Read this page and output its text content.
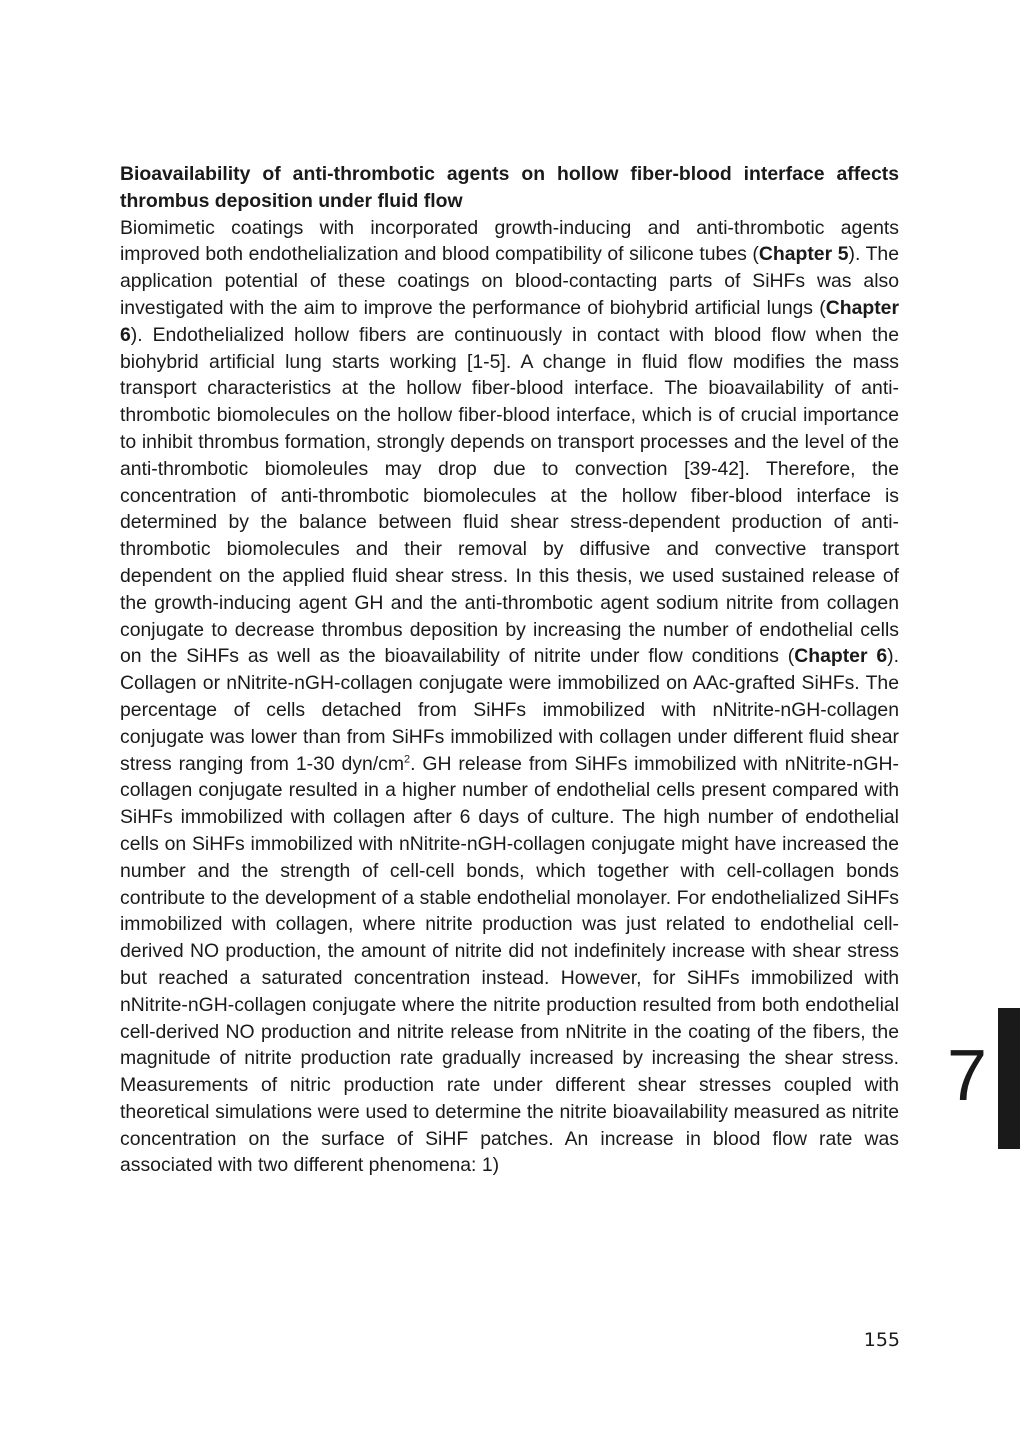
Bioavailability of anti-thrombotic agents on hollow fiber-blood interface affects thrombus deposition under fluid flow

Biomimetic coatings with incorporated growth-inducing and anti-thrombotic agents improved both endothelialization and blood compatibility of silicone tubes (Chapter 5). The application potential of these coatings on blood-contacting parts of SiHFs was also investigated with the aim to improve the performance of biohybrid artificial lungs (Chapter 6). Endothelialized hollow fibers are continuously in contact with blood flow when the biohybrid artificial lung starts working [1-5]. A change in fluid flow modifies the mass transport characteristics at the hollow fiber-blood interface. The bioavailability of anti-thrombotic biomolecules on the hollow fiber-blood interface, which is of crucial importance to inhibit thrombus formation, strongly depends on transport processes and the level of the anti-thrombotic biomoleules may drop due to convection [39-42]. Therefore, the concentration of anti-thrombotic biomolecules at the hollow fiber-blood interface is determined by the balance between fluid shear stress-dependent production of anti-thrombotic biomolecules and their removal by diffusive and convective transport dependent on the applied fluid shear stress. In this thesis, we used sustained release of the growth-inducing agent GH and the anti-thrombotic agent sodium nitrite from collagen conjugate to decrease thrombus deposition by increasing the number of endothelial cells on the SiHFs as well as the bioavailability of nitrite under flow conditions (Chapter 6). Collagen or nNitrite-nGH-collagen conjugate were immobilized on AAc-grafted SiHFs. The percentage of cells detached from SiHFs immobilized with nNitrite-nGH-collagen conjugate was lower than from SiHFs immobilized with collagen under different fluid shear stress ranging from 1-30 dyn/$cm^2$. GH release from SiHFs immobilized with nNitrite-nGH-collagen conjugate resulted in a higher number of endothelial cells present compared with SiHFs immobilized with collagen after 6 days of culture. The high number of endothelial cells on SiHFs immobilized with nNitrite-nGH-collagen conjugate might have increased the number and the strength of cell-cell bonds, which together with cell-collagen bonds contribute to the development of a stable endothelial monolayer. For endothelialized SiHFs immobilized with collagen, where nitrite production was just related to endothelial cell-derived NO production, the amount of nitrite did not indefinitely increase with shear stress but reached a saturated concentration instead. However, for SiHFs immobilized with nNitrite-nGH-collagen conjugate where the nitrite production resulted from both endothelial cell-derived NO production and nitrite release from nNitrite in the coating of the fibers, the magnitude of nitrite production rate gradually increased by increasing the shear stress. Measurements of nitric production rate under different shear stresses coupled with theoretical simulations were used to determine the nitrite bioavailability measured as nitrite concentration on the surface of SiHF patches. An increase in blood flow rate was associated with two different phenomena: 1)

7
155
